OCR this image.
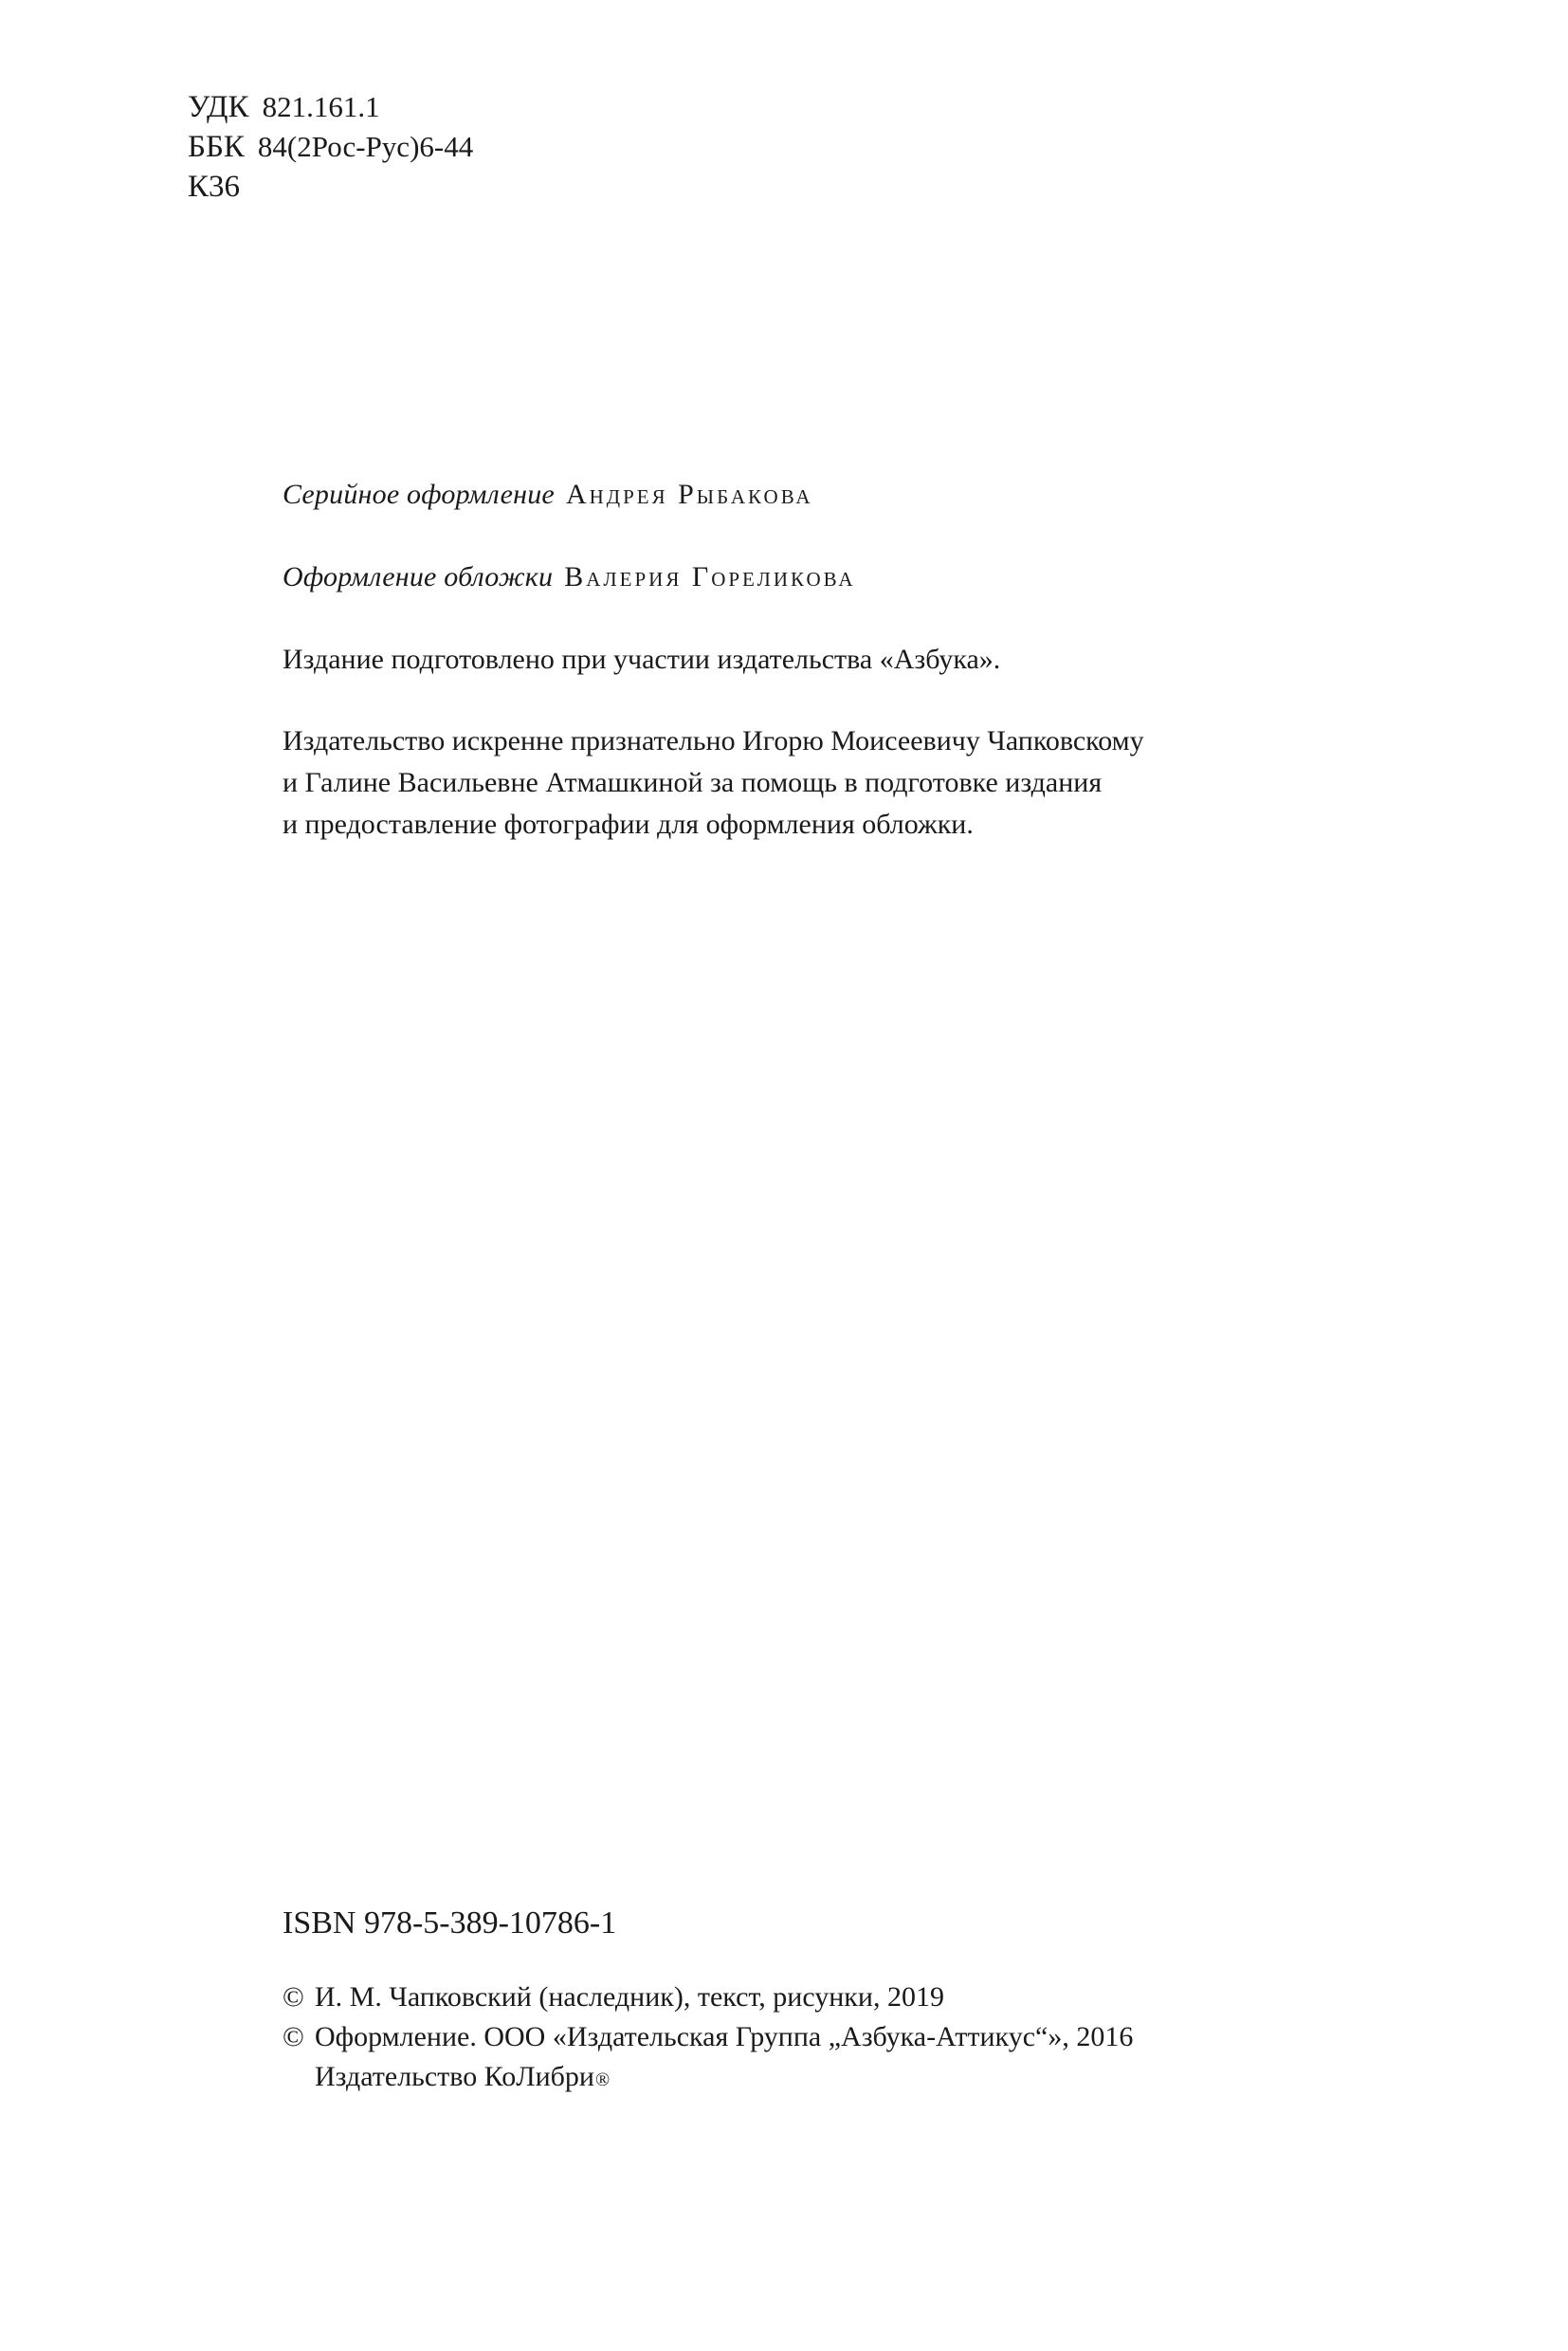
УДК 821.161.1
ББК 84(2Рос-Рус)6-44
К36
Серийное оформление Андрея Рыбакова
Оформление обложки Валерия Гореликова

Издание подготовлено при участии издательства «Азбука».

Издательство искренне признательно Игорю Моисеевичу Чапковскому
и Галине Васильевне Атмашкиной за помощь в подготовке издания
и предоставление фотографии для оформления обложки.

ISBN 978-5-389-10786-1
© И. М. Чапковский (наследник), текст, рисунки, 2019
© Оформление. ООО «Издательская Группа „Азбука-Аттикус“», 2016
Издательство КоЛибри ®
